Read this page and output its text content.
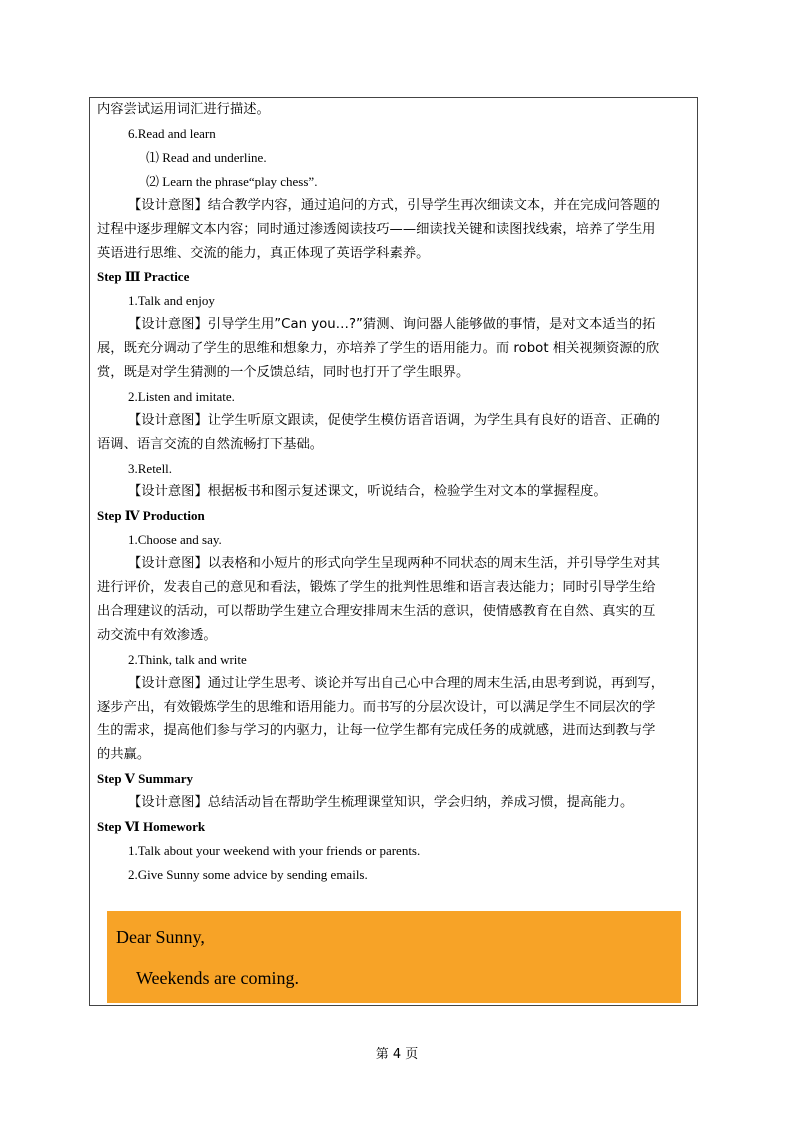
内容尝试运用词汇进行描述。
6.Read and learn
⑴ Read and underline.
⑵ Learn the phrase“play chess”.
【设计意图】结合教学内容，通过追问的方式，引导学生再次细读文本，并在完成问答题的
过程中逐步理解文本内容；同时通过渗透阅读技巧——细读找关键和读图找线索，培养了学生用
英语进行思维、交流的能力，真正体现了英语学科素养。
Step Ⅲ Practice
1.Talk and enjoy
【设计意图】引导学生用”Can you…?”猜测、询问器人能够做的事情，是对文本适当的拓
展，既充分调动了学生的思维和想象力，亦培养了学生的语用能力。而 robot 相关视频资源的欣
赏，既是对学生猜测的一个反馈总结，同时也打开了学生眼界。
2.Listen and imitate.
【设计意图】让学生听原文跟读，促使学生模仿语音语调，为学生具有良好的语音、正确的
语调、语言交流的自然流畅打下基础。
3.Retell.
【设计意图】根据板书和图示复述课文，听说结合，检验学生对文本的掌握程度。
Step Ⅳ Production
1.Choose and say.
【设计意图】以表格和小短片的形式向学生呈现两种不同状态的周末生活，并引导学生对其
进行评价，发表自己的意见和看法，锻炼了学生的批判性思维和语言表达能力；同时引导学生给
出合理建议的活动，可以帮助学生建立合理安排周末生活的意识，使情感教育在自然、真实的互
动交流中有效渗透。
2.Think, talk and write
【设计意图】通过让学生思考、谈论并写出自己心中合理的周末生活,由思考到说，再到写，
逐步产出，有效锻炼学生的思维和语用能力。而书写的分层次设计，可以满足学生不同层次的学
生的需求，提高他们参与学习的内驱力，让每一位学生都有完成任务的成就感，进而达到教与学
的共赢。
Step Ⅴ Summary
【设计意图】总结活动旨在帮助学生梳理课堂知识，学会归纳，养成习惯，提高能力。
Step Ⅵ Homework
1.Talk about your weekend with your friends or parents.
2.Give Sunny some advice by sending emails.
Dear Sunny,
Weekends are coming.
第 4 页
